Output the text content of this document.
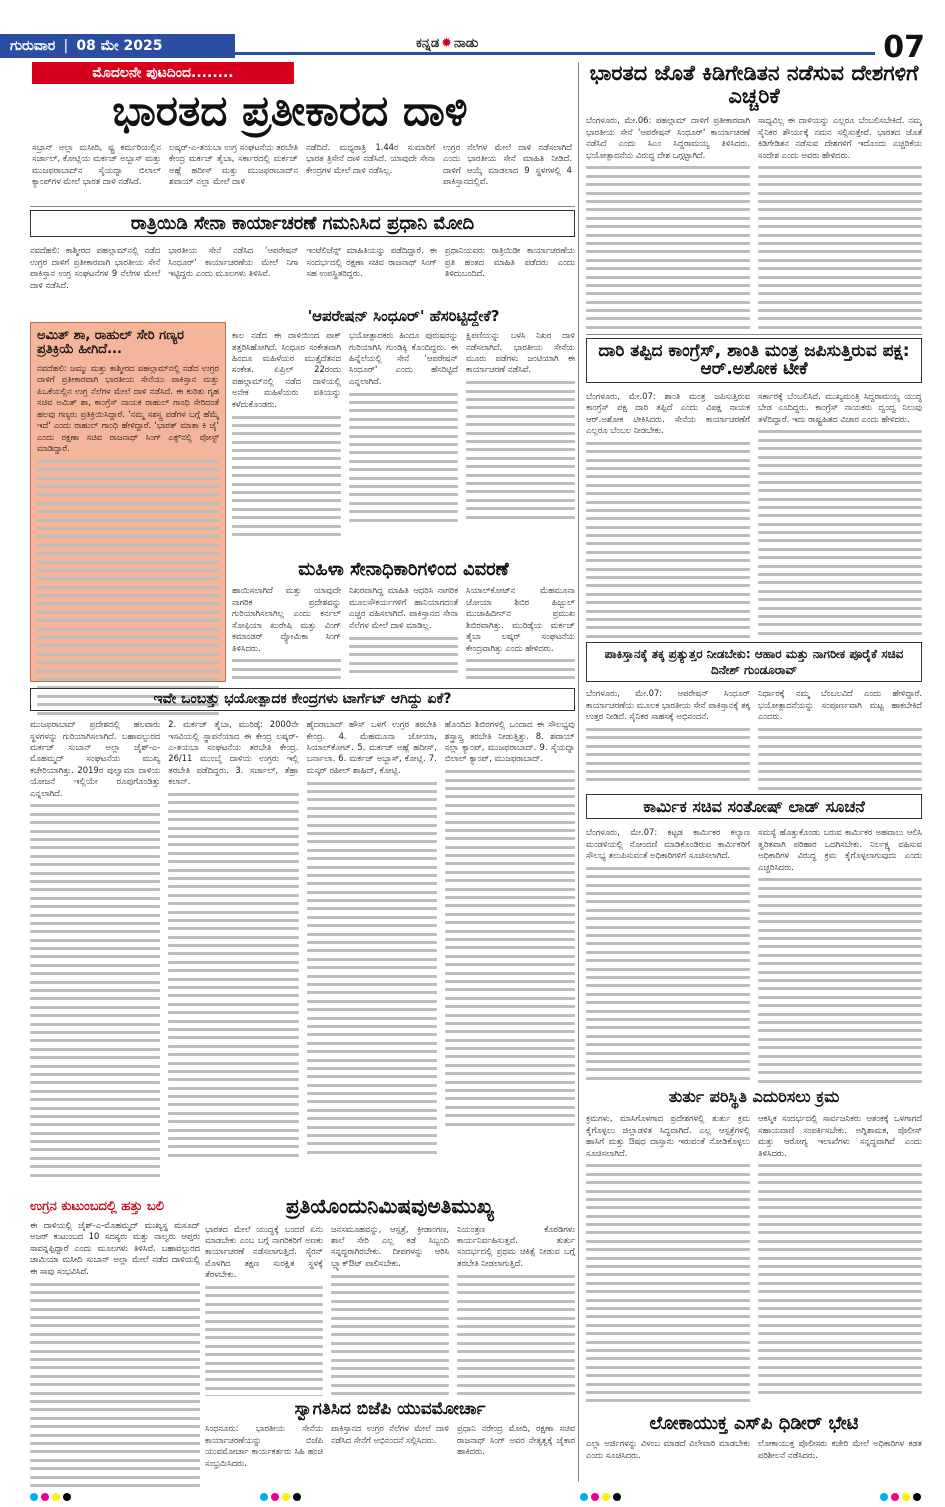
ಗುರುವಾರ | 08 ಮೇ 2025	ಕನ್ನಡ ✹ ನಾಡು	07
ಮೊದಲನೇ ಪುಟದಿಂದ........
ಭಾರತದ ಪ್ರತೀಕಾರದ ದಾಳಿ

ಸಬ್ರಾನ್ ಅಲ್ಲಾ ಮಸೀದಿ, ಷ್ಟ್ರ ಕರ್ಮರಿಯಲ್ಲಿನ ಸರ್ಜಾಲ್, ಕೋಟ್ಲಿಯ ಮರ್ಕಜ್ ಅಬ್ಬಾಸ್ ಮತ್ತು ಮುಜಫರಾಬಾದ್‌ನ ಸೈಯದ್ನಾ ಬಿಲಾಲ್ ಕ್ಯಾಂಪ್‌ಗಳ ಮೇಲೆ ಭಾರತ ದಾಳಿ ನಡೆಸಿದೆ.

ಲಷ್ಕರ್-ಎ-ತಯಬಾ ಉಗ್ರ ಸಂಘಟನೆಯ ತರಬೇತಿ ಕೇಂದ್ರ ಮರ್ಕಜ್ ತೈಬಾ, ಸರ್ಕಾರದಲ್ಲಿ ಮರ್ಕಜ್ ಅಹ್ಲೆ ಹದೀಸ್ ಮತ್ತು ಮುಜಫರಾಬಾದ್‌ನ ಶವಾಯ್ ನಲ್ಲಾ ಮೇಲೆ ದಾಳಿ

ನಡೆದಿದೆ. ಮಧ್ಯರಾತ್ರಿ 1.44ರ ಸುಮಾರಿಗೆ ಭಾರತ ತ್ರಿಸೇನೆ ದಾಳಿ ನಡೆಸಿದೆ. ಯಾವುದೇ ಸೇನಾ ಕೇಂದ್ರಗಳ ಮೇಲೆ ದಾಳಿ ನಡೆಸಿಲ್ಲ.

ಉಗ್ರರ ನೆಲೆಗಳ ಮೇಲೆ ದಾಳಿ ನಡೆಸಲಾಗಿದೆ ಎಂದು ಭಾರತೀಯ ಸೇನೆ ಮಾಹಿತಿ ನೀಡಿದೆ. ದಾಳಿಗೆ ಆಯ್ಕೆ ಮಾಡಲಾದ 9 ಸ್ಥಳಗಳಲ್ಲಿ 4 ಪಾಕಿಸ್ತಾನದಲ್ಲಿವೆ.

ರಾತ್ರಿಯಿಡಿ ಸೇನಾ ಕಾರ್ಯಾಚರಣೆ ಗಮನಿಸಿದ ಪ್ರಧಾನಿ ಮೋದಿ

ನವದೆಹಲಿ: ಕಾಶ್ಮೀರದ ಪಹಲ್ಗಾಮ್‌ನಲ್ಲಿ ನಡೆದ ಉಗ್ರರ ದಾಳಿಗೆ ಪ್ರತೀಕಾರವಾಗಿ ಭಾರತೀಯ ಸೇನೆ ಪಾಕಿಸ್ತಾನ ಉಗ್ರ ಸಂಘಟನೆಗಳ 9 ನೆಲೆಗಳ ಮೇಲೆ ದಾಳಿ ನಡೆಸಿದೆ.

ಭಾರತೀಯ ಸೇನೆ ನಡೆಸಿದ 'ಆಪರೇಷನ್ ಸಿಂಧೂರ್' ಕಾರ್ಯಾಚರಣೆಯ ಮೇಲೆ ನಿಗಾ ಇಟ್ಟಿದ್ದರು ಎಂದು ಮೂಲಗಳು ತಿಳಿಸಿವೆ.

ಇಂಟೆಲಿಜೆನ್ಸ್ ಮಾಹಿತಿಯನ್ನು ಪಡೆದಿದ್ದಾರೆ. ಈ ಸಂದರ್ಭದಲ್ಲಿ ರಕ್ಷಣಾ ಸಚಿವ ರಾಜನಾಥ್ ಸಿಂಗ್ ಸಹ ಉಪಸ್ಥಿತರಿದ್ದರು.

ಪ್ರಧಾನಿಯವರು ರಾತ್ರಿಯಿಡೀ ಕಾರ್ಯಾಚರಣೆಯ ಪ್ರತಿ ಹಂತದ ಮಾಹಿತಿ ಪಡೆದರು ಎಂದು ತಿಳಿದುಬಂದಿದೆ.

ಅಮಿತ್ ಶಾ, ರಾಹುಲ್ ಸೇರಿ ಗಣ್ಯರ ಪ್ರತಿಕ್ರಿಯೆ ಹೀಗಿದೆ...

ನವದೆಹಲಿ: ಜಮ್ಮು ಮತ್ತು ಕಾಶ್ಮೀರದ ಪಹಲ್ಗಾಮ್‌ನಲ್ಲಿ ನಡೆದ ಉಗ್ರರ ದಾಳಿಗೆ ಪ್ರತೀಕಾರವಾಗಿ ಭಾರತೀಯ ಸೇನೆಯು ಪಾಕಿಸ್ತಾನ ಮತ್ತು ಪಿಒಕೆಯಲ್ಲಿನ ಉಗ್ರ ನೆಲೆಗಳ ಮೇಲೆ ದಾಳಿ ನಡೆಸಿದೆ. ಈ ಕುರಿತು ಗೃಹ ಸಚಿವ ಅಮಿತ್ ಶಾ, ಕಾಂಗ್ರೆಸ್ ನಾಯಕ ರಾಹುಲ್ ಗಾಂಧಿ ಸೇರಿದಂತೆ ಹಲವು ಗಣ್ಯರು ಪ್ರತಿಕ್ರಿಯಿಸಿದ್ದಾರೆ. 'ನಮ್ಮ ಸಶಸ್ತ್ರ ಪಡೆಗಳ ಬಗ್ಗೆ ಹೆಮ್ಮೆ ಇದೆ' ಎಂದು ರಾಹುಲ್ ಗಾಂಧಿ ಹೇಳಿದ್ದಾರೆ. 'ಭಾರತ್ ಮಾತಾ ಕಿ ಜೈ' ಎಂದು ರಕ್ಷಣಾ ಸಚಿವ ರಾಜನಾಥ್ ಸಿಂಗ್ ಎಕ್ಸ್‌ನಲ್ಲಿ ಪೋಸ್ಟ್ ಮಾಡಿದ್ದಾರೆ.

'ಆಪರೇಷನ್ ಸಿಂಧೂರ್' ಹೆಸರಿಟ್ಟಿದ್ದೇಕೆ?

ಕಾಲ ನಡೆದ ಈ ದಾಳಿಯಿಂದ ಪಾಕ್ ತತ್ತರಿಸಿಹೋಗಿದೆ. ಸಿಂಧೂರ ಸಂಕೇತವಾಗಿ ಹಿಂದೂ ಮಹಿಳೆಯರ ಮುತ್ತೈದೆತನದ ಸಂಕೇತ. ಏಪ್ರಿಲ್ 22ರಂದು ಪಹಲ್ಗಾಮ್‌ನಲ್ಲಿ ನಡೆದ ದಾಳಿಯಲ್ಲಿ ಅನೇಕ ಮಹಿಳೆಯರು ಪತಿಯನ್ನು ಕಳೆದುಕೊಂಡರು.

ಭಯೋತ್ಪಾದಕರು ಹಿಂದೂ ಪುರುಷರನ್ನು ಗುರಿಯಾಗಿಸಿ ಗುಂಡಿಕ್ಕಿ ಕೊಂದಿದ್ದರು. ಈ ಹಿನ್ನೆಲೆಯಲ್ಲಿ ಸೇನೆ 'ಆಪರೇಷನ್ ಸಿಂಧೂರ್' ಎಂದು ಹೆಸರಿಟ್ಟಿದೆ ಎನ್ನಲಾಗಿದೆ.

ಕ್ಷಿಪಣಿಯನ್ನು ಬಳಸಿ ನಿಖರ ದಾಳಿ ನಡೆಸಲಾಗಿದೆ. ಭಾರತೀಯ ಸೇನೆಯ ಮೂರು ಪಡೆಗಳು ಜಂಟಿಯಾಗಿ ಈ ಕಾರ್ಯಾಚರಣೆ ನಡೆಸಿವೆ.

ಮಹಿಳಾ ಸೇನಾಧಿಕಾರಿಗಳಿಂದ ವಿವರಣೆ

ಹಾಯಿಸಲಾಗಿದೆ ಮತ್ತು ಯಾವುದೇ ನಾಗರಿಕ ಪ್ರದೇಶವನ್ನು ಗುರಿಯಾಗಿಸಲಾಗಿಲ್ಲ ಎಂದು ಕರ್ನಲ್ ಸೋಫಿಯಾ ಖುರೇಷಿ ಮತ್ತು ವಿಂಗ್ ಕಮಾಂಡರ್ ವ್ಯೋಮಿಕಾ ಸಿಂಗ್ ತಿಳಿಸಿದರು.

ನಿಖರವಾಗಿದ್ದ ಮಾಹಿತಿ ಆಧರಿಸಿ ನಾಗರಿಕ ಮೂಲಸೌಕರ್ಯಗಳಿಗೆ ಹಾನಿಯಾಗದಂತೆ ಎಚ್ಚರ ವಹಿಸಲಾಗಿದೆ. ಪಾಕಿಸ್ತಾನದ ಸೇನಾ ನೆಲೆಗಳ ಮೇಲೆ ದಾಳಿ ಮಾಡಿಲ್ಲ.

ಸಿಯಾಲ್‌ಕೋಟ್‌ನ ಮೆಹಮೂನಾ ಜೋಯಾ ಶಿಬಿರ ಹಿಜ್ಬುಲ್ ಮುಜಾಹಿದೀನ್‌ನ ಪ್ರಮುಖ ಶಿಬಿರವಾಗಿತ್ತು. ಮುರಿಡ್ಕೆಯ ಮರ್ಕಜ್ ತೈಬಾ ಲಷ್ಕರ್ ಸಂಘಟನೆಯ ಕೇಂದ್ರವಾಗಿತ್ತು ಎಂದು ಹೇಳಿದರು.

ಇವೇ ಒಂಬತ್ತು ಭಯೋತ್ಪಾದಕ ಕೇಂದ್ರಗಳು ಟಾರ್ಗೆಟ್ ಆಗಿದ್ದು ಏಕೆ?

ಮುಜಫರಾಬಾದ್ ಪ್ರದೇಶದಲ್ಲಿ ಹಲವಾರು ಸ್ಥಳಗಳನ್ನು ಗುರಿಯಾಗಿಸಲಾಗಿದೆ. ಬಹಾವಲ್ಪುರದ ಮರ್ಕಜ್ ಸುಬಾನ್ ಅಲ್ಲಾ ಜೈಶ್-ಎ-ಮೊಹಮ್ಮದ್ ಸಂಘಟನೆಯ ಮುಖ್ಯ ಕಚೇರಿಯಾಗಿತ್ತು. 2019ರ ಪುಲ್ವಾಮಾ ದಾಳಿಯ ಯೋಜನೆ ಇಲ್ಲಿಯೇ ರೂಪುಗೊಂಡಿತ್ತು ಎನ್ನಲಾಗಿದೆ.

2. ಮರ್ಕಜ್ ತೈಬಾ, ಮುರಿಡ್ಕೆ: 2000ನೇ ಇಸವಿಯಲ್ಲಿ ಸ್ಥಾಪನೆಯಾದ ಈ ಕೇಂದ್ರ ಲಷ್ಕರ್-ಎ-ತಯಬಾ ಸಂಘಟನೆಯ ತರಬೇತಿ ಕೇಂದ್ರ. 26/11 ಮುಂಬೈ ದಾಳಿಯ ಉಗ್ರರು ಇಲ್ಲಿ ತರಬೇತಿ ಪಡೆದಿದ್ದರು. 3. ಸರ್ಜಾಲ್, ತೆಹ್ರಾ ಕಲಾನ್.

ಹೈದರಾಬಾದ್ ಹೌಸ್ ಒಳಗೆ ಉಗ್ರರ ತರಬೇತಿ ಕೇಂದ್ರ. 4. ಮೆಹಮೂನಾ ಜೋಯಾ, ಸಿಯಾಲ್‌ಕೋಟ್. 5. ಮರ್ಕಜ್ ಅಹ್ಲೆ ಹದೀಸ್, ಬರ್ನಾಲಾ. 6. ಮರ್ಕಜ್ ಅಬ್ಬಾಸ್, ಕೋಟ್ಲಿ. 7. ಮಸ್ಕರ್ ರಹೀಲ್ ಶಾಹಿದ್, ಕೋಟ್ಲಿ.

ಹೊಂದಿದ ಶಿಬಿರಗಳಲ್ಲಿ ಒಂದಾದ ಈ ಸೌಲಭ್ಯವು ಶಸ್ತ್ರಾಸ್ತ್ರ ತರಬೇತಿ ನೀಡುತ್ತಿತ್ತು. 8. ಶವಾಯ್ ನಲ್ಲಾ ಕ್ಯಾಂಪ್, ಮುಜಫರಾಬಾದ್. 9. ಸೈಯದ್ನಾ ಬಿಲಾಲ್ ಕ್ಯಾಂಪ್, ಮುಜಫರಾಬಾದ್.

ಉಗ್ರನ ಕುಟುಂಬದಲ್ಲಿ ಹತ್ತು ಬಲಿ

ಈ ದಾಳಿಯಲ್ಲಿ ಜೈಶ್-ಎ-ಮೊಹಮ್ಮದ್ ಮುಖ್ಯಸ್ಥ ಮಸೂದ್ ಅಜರ್ ಕುಟುಂಬದ 10 ಸದಸ್ಯರು ಮತ್ತು ನಾಲ್ವರು ಆಪ್ತರು ಸಾವನ್ನಪ್ಪಿದ್ದಾರೆ ಎಂದು ಮೂಲಗಳು ತಿಳಿಸಿವೆ. ಬಹಾವಲ್ಪುರದ ಜಾಮಿಯಾ ಮಸೀದಿ ಸುಬಾನ್ ಅಲ್ಲಾ ಮೇಲೆ ನಡೆದ ದಾಳಿಯಲ್ಲಿ ಈ ಸಾವು ಸಂಭವಿಸಿದೆ.

ಪ್ರತಿಯೊಂದುನಿಮಿಷವುಅತಿಮುಖ್ಯ

ಭಾರತದ ಮೇಲೆ ಯುದ್ಧಕ್ಕೆ ಬಂದರೆ ಏನು ಮಾಡಬೇಕು ಎಂಬ ಬಗ್ಗೆ ನಾಗರಿಕರಿಗೆ ಅಣಕು ಕಾರ್ಯಾಚರಣೆ ನಡೆಸಲಾಗುತ್ತಿದೆ. ಸೈರನ್ ಮೊಳಗಿದ ತಕ್ಷಣ ಸುರಕ್ಷಿತ ಸ್ಥಳಕ್ಕೆ ತೆರಳಬೇಕು.

ಜನಸಮೂಹವನ್ನು, ಆಸ್ಪತ್ರೆ, ಕ್ರೀಡಾಂಗಣ, ಶಾಲೆ ಸೇರಿ ಎಲ್ಲ ಕಡೆ ಸಿಬ್ಬಂದಿ ಸನ್ನದ್ಧರಾಗಿರಬೇಕು. ದೀಪಗಳನ್ನು ಆರಿಸಿ ಬ್ಲ್ಯಾಕ್‌ಔಟ್ ಪಾಲಿಸಬೇಕು.

ನಿಯಂತ್ರಣ ಕೊಠಡಿಗಳು ಕಾರ್ಯನಿರ್ವಹಿಸುತ್ತವೆ. ತುರ್ತು ಸಂದರ್ಭದಲ್ಲಿ ಪ್ರಥಮ ಚಿಕಿತ್ಸೆ ನೀಡುವ ಬಗ್ಗೆ ತರಬೇತಿ ನೀಡಲಾಗುತ್ತಿದೆ.

ಸ್ವಾಗತಿಸಿದ ಬಿಜೆಪಿ ಯುವಮೋರ್ಚಾ

ಸಿಂಧನೂರು: ಭಾರತೀಯ ಸೇನೆಯ ಕಾರ್ಯಾಚರಣೆಯನ್ನು ಬಿಜೆಪಿ ಯುವಮೋರ್ಚಾ ಕಾರ್ಯಕರ್ತರು ಸಿಹಿ ಹಂಚಿ ಸಂಭ್ರಮಿಸಿದರು.

ಪಾಕಿಸ್ತಾನದ ಉಗ್ರರ ನೆಲೆಗಳ ಮೇಲೆ ದಾಳಿ ನಡೆಸಿದ ಸೇನೆಗೆ ಅಭಿನಂದನೆ ಸಲ್ಲಿಸಿದರು.

ಪ್ರಧಾನಿ ನರೇಂದ್ರ ಮೋದಿ, ರಕ್ಷಣಾ ಸಚಿವ ರಾಜನಾಥ್ ಸಿಂಗ್ ಅವರ ನೇತೃತ್ವಕ್ಕೆ ಜೈಕಾರ ಹಾಕಿದರು.

ಭಾರತದ ಜೊತೆ ಕಿಡಿಗೇಡಿತನ ನಡೆಸುವ ದೇಶಗಳಿಗೆ ಎಚ್ಚರಿಕೆ

ಬೆಂಗಳೂರು, ಮೇ.06: ಪಹಲ್ಗಾಮ್ ದಾಳಿಗೆ ಪ್ರತೀಕಾರವಾಗಿ ಭಾರತೀಯ ಸೇನೆ 'ಆಪರೇಷನ್ ಸಿಂಧೂರ್' ಕಾರ್ಯಾಚರಣೆ ನಡೆಸಿದೆ ಎಂದು ಸಿಎಂ ಸಿದ್ದರಾಮಯ್ಯ ತಿಳಿಸಿದರು. ಭಯೋತ್ಪಾದನೆಯ ವಿರುದ್ಧ ದೇಶ ಒಗ್ಗಟ್ಟಾಗಿದೆ.

ಸಾಧ್ಯವಿಲ್ಲ ಈ ದಾಳಿಯನ್ನು ಎಲ್ಲರೂ ಬೆಂಬಲಿಸಬೇಕಿದೆ. ನಮ್ಮ ಸೈನಿಕರ ಶೌರ್ಯಕ್ಕೆ ನಮನ ಸಲ್ಲಿಸುತ್ತೇವೆ. ಭಾರತದ ಜೊತೆ ಕಿಡಿಗೇಡಿತನ ನಡೆಸುವ ದೇಶಗಳಿಗೆ ಇದೊಂದು ಎಚ್ಚರಿಕೆಯ ಸಂದೇಶ ಎಂದು ಅವರು ಹೇಳಿದರು.

ದಾರಿ ತಪ್ಪಿದ ಕಾಂಗ್ರೆಸ್, ಶಾಂತಿ ಮಂತ್ರ ಜಪಿಸುತ್ತಿರುವ ಪಕ್ಷ: ಆರ್.ಅಶೋಕ ಟೀಕೆ

ಬೆಂಗಳೂರು, ಮೇ.07: ಶಾಂತಿ ಮಂತ್ರ ಜಪಿಸುತ್ತಿರುವ ಕಾಂಗ್ರೆಸ್ ಪಕ್ಷ ದಾರಿ ತಪ್ಪಿದೆ ಎಂದು ವಿಪಕ್ಷ ನಾಯಕ ಆರ್.ಅಶೋಕ ಟೀಕಿಸಿದರು. ಸೇನೆಯ ಕಾರ್ಯಾಚರಣೆಗೆ ಎಲ್ಲರೂ ಬೆಂಬಲ ನೀಡಬೇಕು.

ಸರ್ಕಾರಕ್ಕೆ ಬೆಂಬಲಿಸಿದೆ. ಮುಖ್ಯಮಂತ್ರಿ ಸಿದ್ದರಾಮಯ್ಯ ಯುದ್ಧ ಬೇಡ ಎಂದಿದ್ದರು. ಕಾಂಗ್ರೆಸ್ ನಾಯಕರು ದ್ವಂದ್ವ ನಿಲುವು ತಳೆದಿದ್ದಾರೆ. ಇದು ರಾಷ್ಟ್ರಹಿತದ ವಿಚಾರ ಎಂದು ಹೇಳಿದರು.

ಪಾಕಿಸ್ತಾನಕ್ಕೆ ತಕ್ಕ ಪ್ರತ್ಯುತ್ತರ ನೀಡಬೇಕು: ಆಹಾರ ಮತ್ತು ನಾಗರೀಕ ಪೂರೈಕೆ ಸಚಿವ ದಿನೇಶ್ ಗುಂಡೂರಾವ್

ಬೆಂಗಳೂರು, ಮೇ.07: ಆಪರೇಷನ್ ಸಿಂಧೂರ್ ಕಾರ್ಯಾಚರಣೆಯ ಮೂಲಕ ಭಾರತೀಯ ಸೇನೆ ಪಾಕಿಸ್ತಾನಕ್ಕೆ ತಕ್ಕ ಉತ್ತರ ನೀಡಿದೆ. ಸೈನಿಕರ ಸಾಹಸಕ್ಕೆ ಅಭಿನಂದನೆ.

ನಿರ್ಧಾರಕ್ಕೆ ನಮ್ಮ ಬೆಂಬಲವಿದೆ ಎಂದು ಹೇಳಿದ್ದಾರೆ. ಭಯೋತ್ಪಾದನೆಯನ್ನು ಸಂಪೂರ್ಣವಾಗಿ ಮಟ್ಟ ಹಾಕಬೇಕಿದೆ ಎಂದರು.

ಕಾರ್ಮಿಕ ಸಚಿವ ಸಂತೋಷ್ ಲಾಡ್ ಸೂಚನೆ

ಬೆಂಗಳೂರು, ಮೇ.07: ಕಟ್ಟಡ ಕಾರ್ಮಿಕರ ಕಲ್ಯಾಣ ಮಂಡಳಿಯಲ್ಲಿ ನೋಂದಣಿ ಮಾಡಿಕೊಂಡಿರುವ ಕಾರ್ಮಿಕರಿಗೆ ಸೌಲಭ್ಯ ತಲುಪಿಸುವಂತೆ ಅಧಿಕಾರಿಗಳಿಗೆ ಸೂಚಿಸಲಾಗಿದೆ.

ಸಮಸ್ಯೆ ಹೊತ್ತುಕೊಂಡು ಬರುವ ಕಾರ್ಮಿಕರ ಅಹವಾಲು ಆಲಿಸಿ ತ್ವರಿತವಾಗಿ ಪರಿಹಾರ ಒದಗಿಸಬೇಕು. ನಿರ್ಲಕ್ಷ್ಯ ವಹಿಸುವ ಅಧಿಕಾರಿಗಳ ವಿರುದ್ಧ ಕ್ರಮ ಕೈಗೊಳ್ಳಲಾಗುವುದು ಎಂದು ಎಚ್ಚರಿಸಿದರು.

ತುರ್ತು ಪರಿಸ್ಥಿತಿ ಎದುರಿಸಲು ಕ್ರಮ

ಕ್ರಮಗಳು, ಮಾಸಿಗೊಳಗಾದ ಪ್ರದೇಶಗಳಲ್ಲಿ ತುರ್ತು ಕ್ರಮ ಕೈಗೊಳ್ಳಲು ಜಿಲ್ಲಾಡಳಿತ ಸಿದ್ಧವಾಗಿದೆ. ಎಲ್ಲ ಆಸ್ಪತ್ರೆಗಳಲ್ಲಿ ಹಾಸಿಗೆ ಮತ್ತು ಔಷಧ ದಾಸ್ತಾನು ಇರುವಂತೆ ನೋಡಿಕೊಳ್ಳಲು ಸೂಚಿಸಲಾಗಿದೆ.

ಆಕಸ್ಮಿಕ ಸಂದರ್ಭದಲ್ಲಿ ಸಾರ್ವಜನಿಕರು ಆತಂಕಕ್ಕೆ ಒಳಗಾಗದೆ ಸಹಾಯವಾಣಿ ಸಂಪರ್ಕಿಸಬೇಕು. ಅಗ್ನಿಶಾಮಕ, ಪೊಲೀಸ್ ಮತ್ತು ಆರೋಗ್ಯ ಇಲಾಖೆಗಳು ಸನ್ನದ್ಧವಾಗಿವೆ ಎಂದು ತಿಳಿಸಿದರು.

ಲೋಕಾಯುಕ್ತ ಎಸ್‌ಪಿ ಧಿಡೀರ್ ಭೇಟಿ

ಎಲ್ಲಾ ಅರ್ಜಿಗಳನ್ನು ವಿಳಂಬ ಮಾಡದೆ ವಿಲೇವಾರಿ ಮಾಡಬೇಕು ಎಂದು ಸೂಚಿಸಿದರು.

ಲೋಕಾಯುಕ್ತ ಪೊಲೀಸರು ಕಚೇರಿ ಮೇಲೆ ಅಧಿಕಾರಿಗಳ ಕಡತ ಪರಿಶೀಲನೆ ನಡೆಸಿದರು.
